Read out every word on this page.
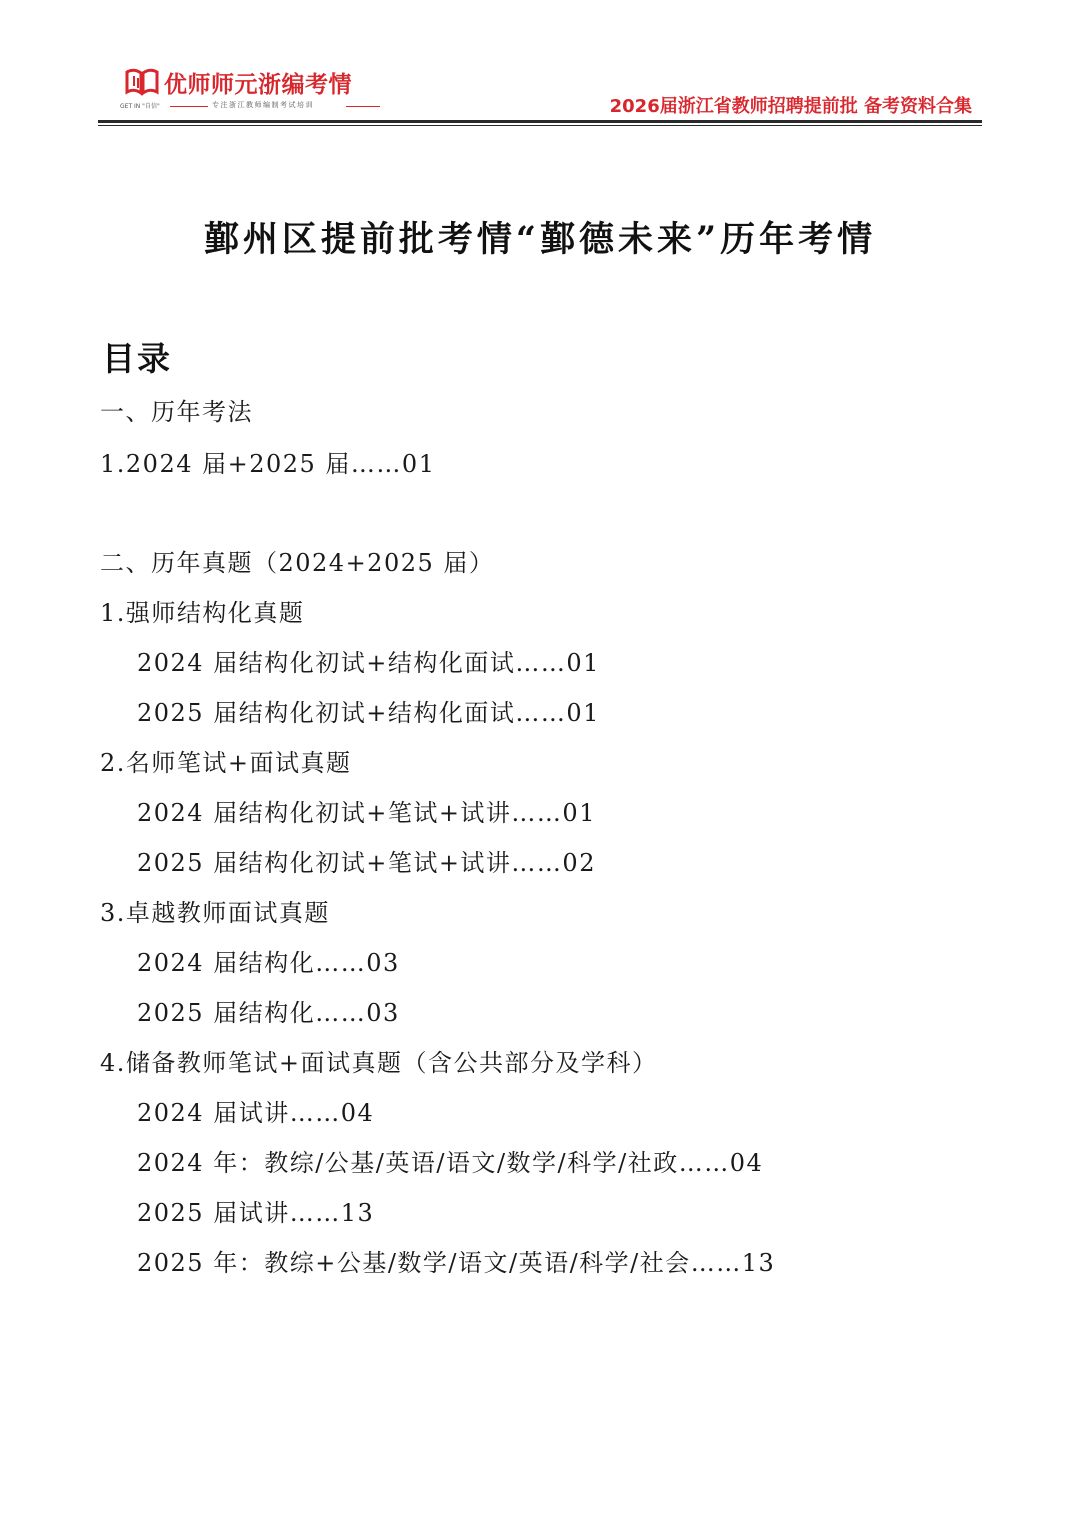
优师师元浙编考情
GET IN "自信"	专注浙江教师编制考试培训	2026届浙江省教师招聘提前批 备考资料合集
鄞州区提前批考情“鄞德未来”历年考情
目录
一、历年考法
1.2024 届+2025 届……01
二、历年真题（2024+2025 届）
1.强师结构化真题
2024 届结构化初试+结构化面试……01
2025 届结构化初试+结构化面试……01
2.名师笔试+面试真题
2024 届结构化初试+笔试+试讲……01
2025 届结构化初试+笔试+试讲……02
3.卓越教师面试真题
2024 届结构化……03
2025 届结构化……03
4.储备教师笔试+面试真题（含公共部分及学科）
2024 届试讲……04
2024 年：教综/公基/英语/语文/数学/科学/社政……04
2025 届试讲……13
2025 年：教综+公基/数学/语文/英语/科学/社会……13
